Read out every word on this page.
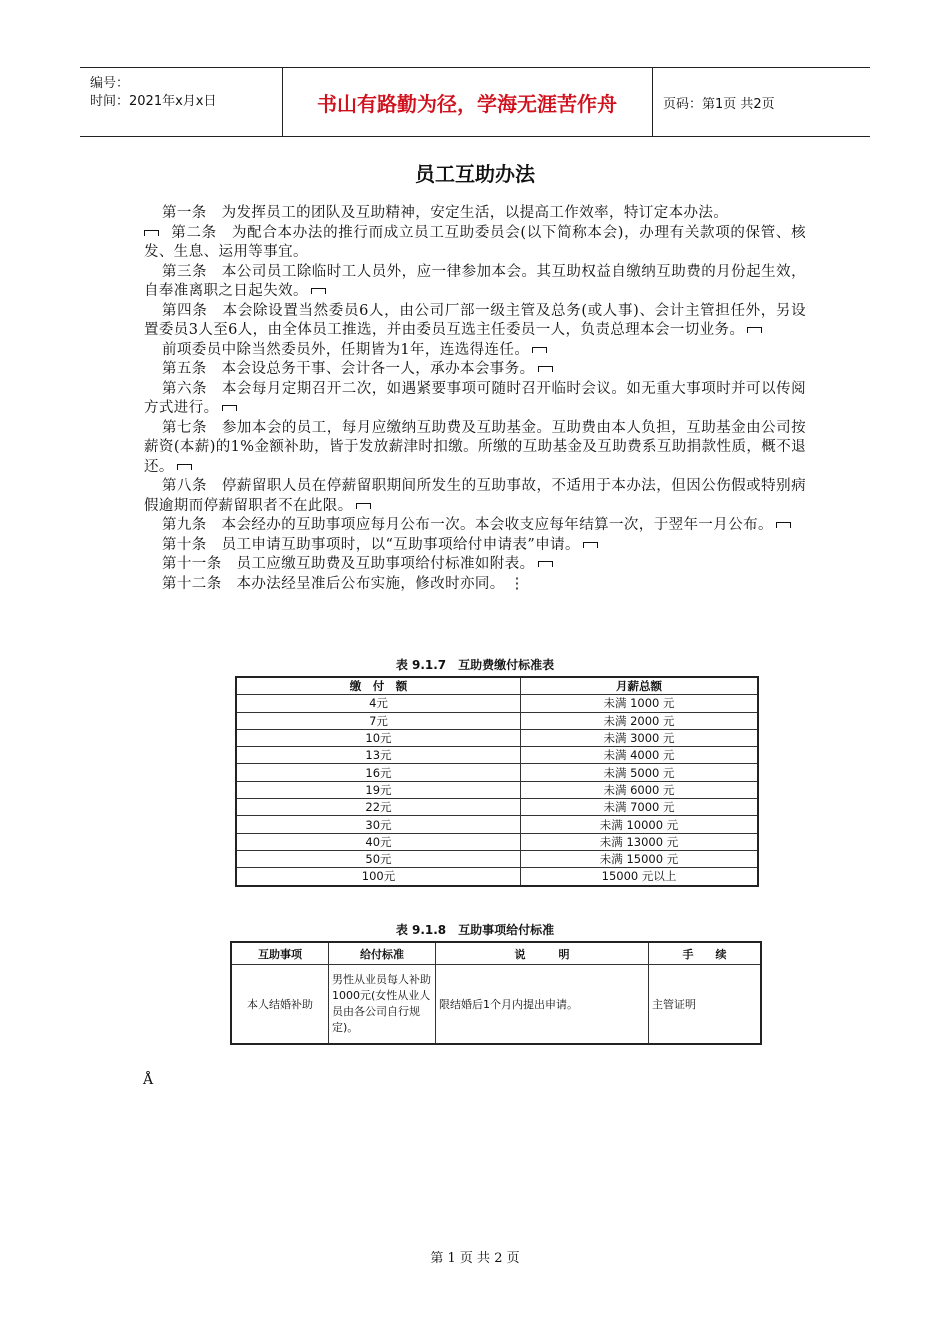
编号：
时间：2021年x月x日	书山有路勤为径，学海无涯苦作舟	页码：第1页 共2页
员工互助办法

第一条　为发挥员工的团队及互助精神，安定生活，以提高工作效率，特订定本办法。

第二条　为配合本办法的推行而成立员工互助委员会(以下简称本会)，办理有关款项的保管、核发、生息、运用等事宜。

第三条　本公司员工除临时工人员外，应一律参加本会。其互助权益自缴纳互助费的月份起生效，自奉准离职之日起失效。

第四条　本会除设置当然委员6人，由公司厂部一级主管及总务(或人事)、会计主管担任外，另设置委员3人至6人，由全体员工推选，并由委员互选主任委员一人，负责总理本会一切业务。

前项委员中除当然委员外，任期皆为1年，连选得连任。

第五条　本会设总务干事、会计各一人，承办本会事务。

第六条　本会每月定期召开二次，如遇紧要事项可随时召开临时会议。如无重大事项时并可以传阅方式进行。

第七条　参加本会的员工，每月应缴纳互助费及互助基金。互助费由本人负担，互助基金由公司按薪资(本薪)的1%金额补助，皆于发放薪津时扣缴。所缴的互助基金及互助费系互助捐款性质，概不退还。

第八条　停薪留职人员在停薪留职期间所发生的互助事故，不适用于本办法，但因公伤假或特别病假逾期而停薪留职者不在此限。

第九条　本会经办的互助事项应每月公布一次。本会收支应每年结算一次，于翌年一月公布。

第十条　员工申请互助事项时，以“互助事项给付申请表”申请。

第十一条　员工应缴互助费及互助事项给付标准如附表。

第十二条　本办法经呈准后公布实施，修改时亦同。 ⋮

表 9.1.7　互助费缴付标准表
缴　付　额	月薪总额
4元	未满 1000 元
7元	未满 2000 元
10元	未满 3000 元
13元	未满 4000 元
16元	未满 5000 元
19元	未满 6000 元
22元	未满 7000 元
30元	未满 10000 元
40元	未满 13000 元
50元	未满 15000 元
100元	15000 元以上
表 9.1.8　互助事项给付标准
互助事项	给付标准	说　　　明	手　　续
本人结婚补助	男性从业员每人补助1000元(女性从业人员由各公司自行规定)。	限结婚后1个月内提出申请。	主管证明
Å
第 1 页 共 2 页
